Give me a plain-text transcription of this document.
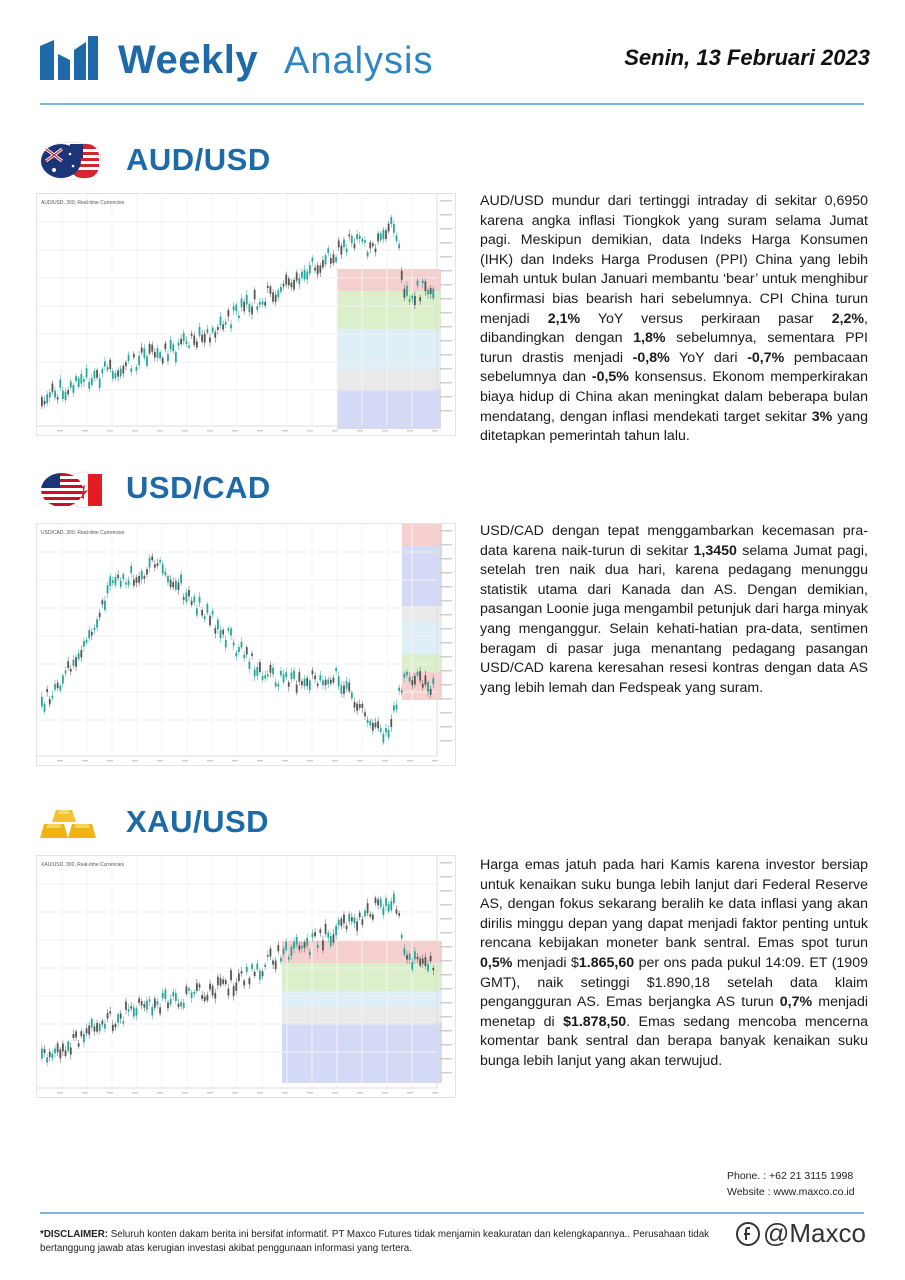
Weekly Analysis	Senin, 13 Februari 2023
AUD/USD
AUD/USD, 300, Real-time Currencies	AUD/USD mundur dari tertinggi intraday di sekitar 0,6950 karena angka inflasi Tiongkok yang suram selama Jumat pagi. Meskipun demikian, data Indeks Harga Konsumen (IHK) dan Indeks Harga Produsen (PPI) China yang lebih lemah untuk bulan Januari membantu ‘bear’ untuk menghibur konfirmasi bias bearish hari sebelumnya. CPI China turun menjadi 2,1% YoY versus perkiraan pasar 2,2%, dibandingkan dengan 1,8% sebelumnya, sementara PPI turun drastis menjadi -0,8% YoY dari -0,7% pembacaan sebelumnya dan -0,5% konsensus. Ekonom memperkirakan biaya hidup di China akan meningkat dalam beberapa bulan mendatang, dengan inflasi mendekati target sekitar 3% yang ditetapkan pemerintah tahun lalu.

USD/CAD
USD/CAD, 300, Real-time Currencies	USD/CAD dengan tepat menggambarkan kecemasan pra-data karena naik-turun di sekitar 1,3450 selama Jumat pagi, setelah tren naik dua hari, karena pedagang menunggu statistik utama dari Kanada dan AS. Dengan demikian, pasangan Loonie juga mengambil petunjuk dari harga minyak yang menganggur. Selain kehati-hatian pra-data, sentimen beragam di pasar juga menantang pedagang pasangan USD/CAD karena keresahan resesi kontras dengan data AS yang lebih lemah dan Fedspeak yang suram.

XAU/USD
XAU/USD, 300, Real-time Currencies	Harga emas jatuh pada hari Kamis karena investor bersiap untuk kenaikan suku bunga lebih lanjut dari Federal Reserve AS, dengan fokus sekarang beralih ke data inflasi yang akan dirilis minggu depan yang dapat menjadi faktor penting untuk rencana kebijakan moneter bank sentral. Emas spot turun 0,5% menjadi $1.865,60 per ons pada pukul 14:09. ET (1909 GMT), naik setinggi $1.890,18 setelah data klaim pengangguran AS. Emas berjangka AS turun 0,7% menjadi menetap di $1.878,50. Emas sedang mencoba mencerna komentar bank sentral dan berapa banyak kenaikan suku bunga lebih lanjut yang akan terwujud.

Phone. : +62 21 3115 1998
Website : www.maxco.co.id

*DISCLAIMER: Seluruh konten dakam berita ini bersifat informatif. PT Maxco Futures tidak menjamin keakuratan dan kelengkapannya.. Perusahaan tidak bertanggung jawab atas kerugian investasi akibat penggunaan informasi yang tertera.

@Maxco
